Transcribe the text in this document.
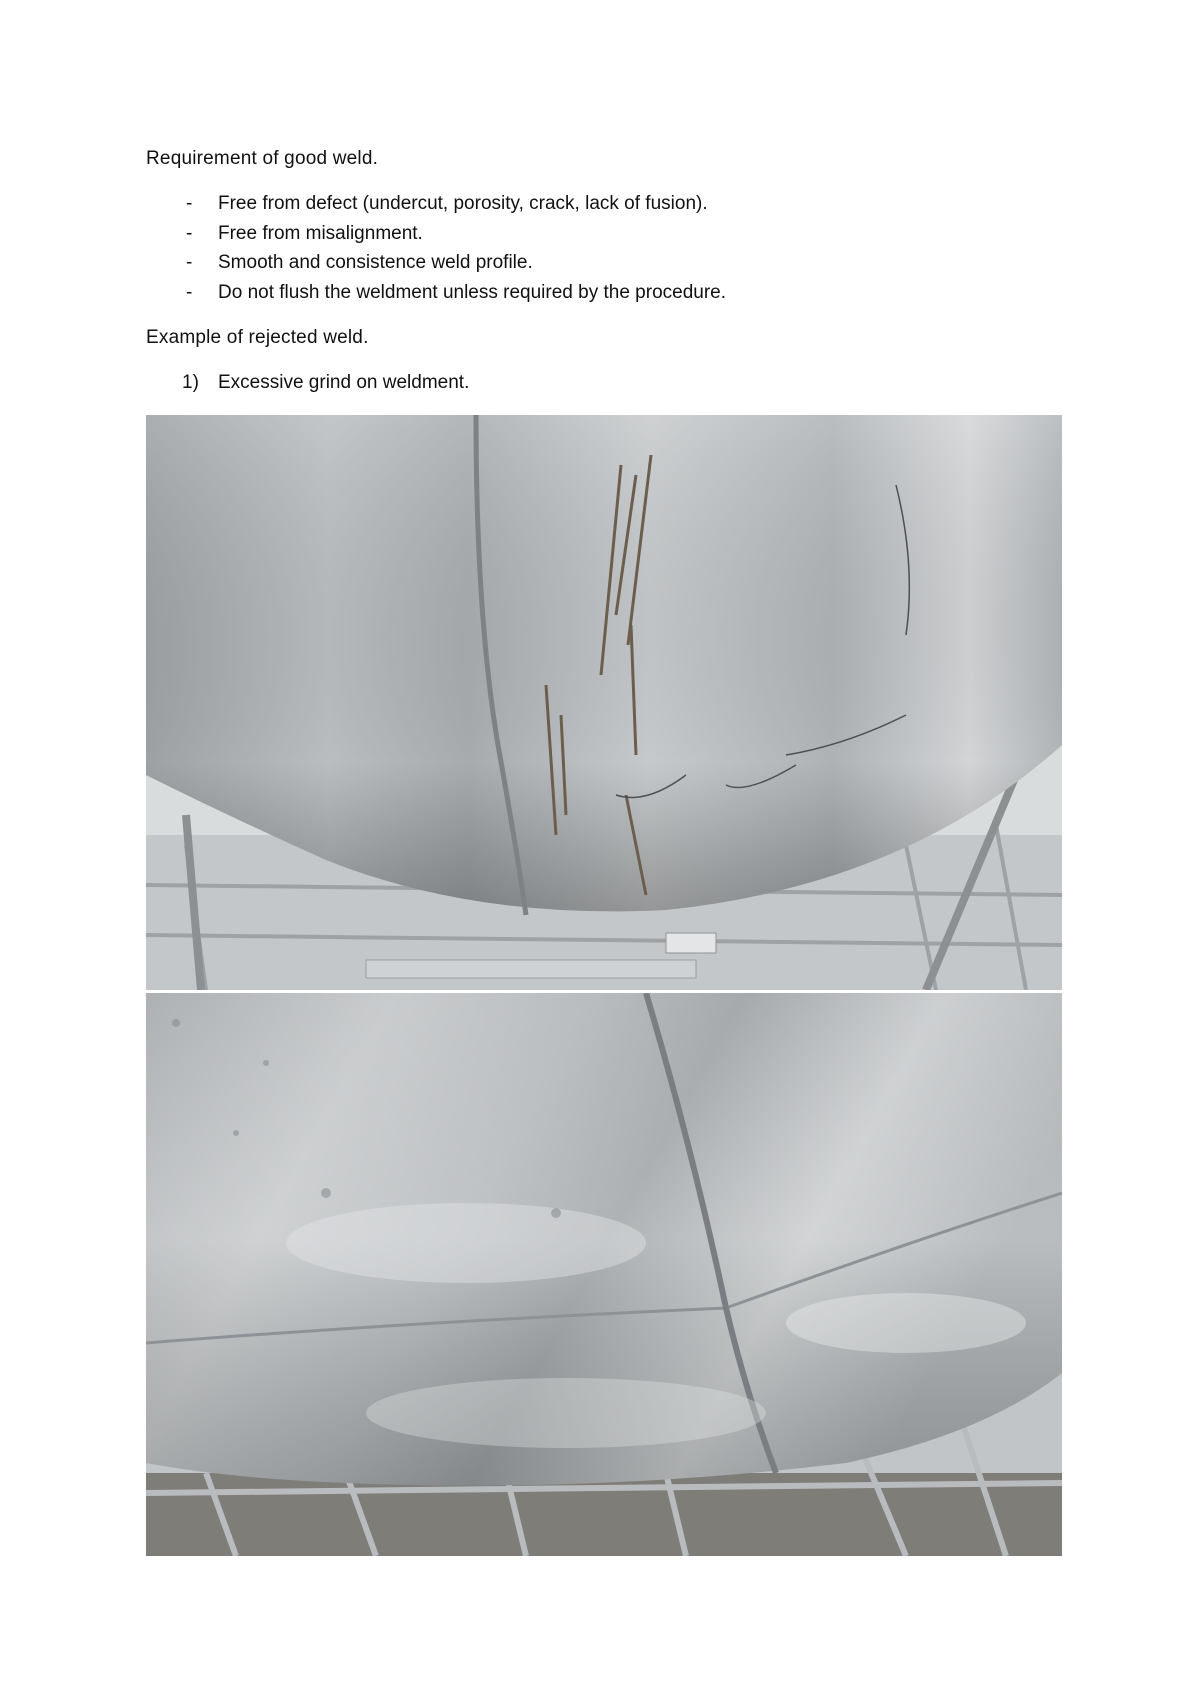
Requirement of good weld.
-	Free from defect (undercut, porosity, crack, lack of fusion).
-	Free from misalignment.
-	Smooth and consistence weld profile.
-	Do not flush the weldment unless required by the procedure.
Example of rejected weld.
1)	Excessive grind on weldment.
